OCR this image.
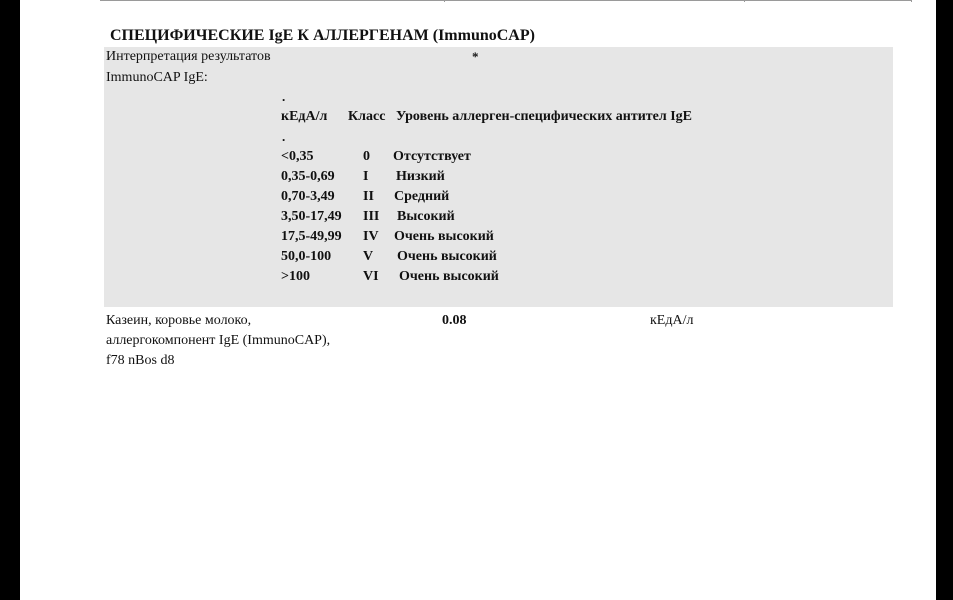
СПЕЦИФИЧЕСКИЕ IgE К АЛЛЕРГЕНАМ (ImmunoCAP)
Интерпретация результатов
ImmunoCAP IgE:
*
.
кЕдА/л Класс Уровень аллерген-специфических антител IgE
.
<0,35	0 Отсутствует
0,35-0,69 I Низкий
0,70-3,49 II Средний
3,50-17,49 III Высокий
17,5-49,99 IV Очень высокий
50,0-100 V Очень высокий
>100	VI Очень высокий
Казеин, коровье молоко,
аллергокомпонент IgE (ImmunoCAP),
f78 nBos d8
0.08	кЕдА/л
